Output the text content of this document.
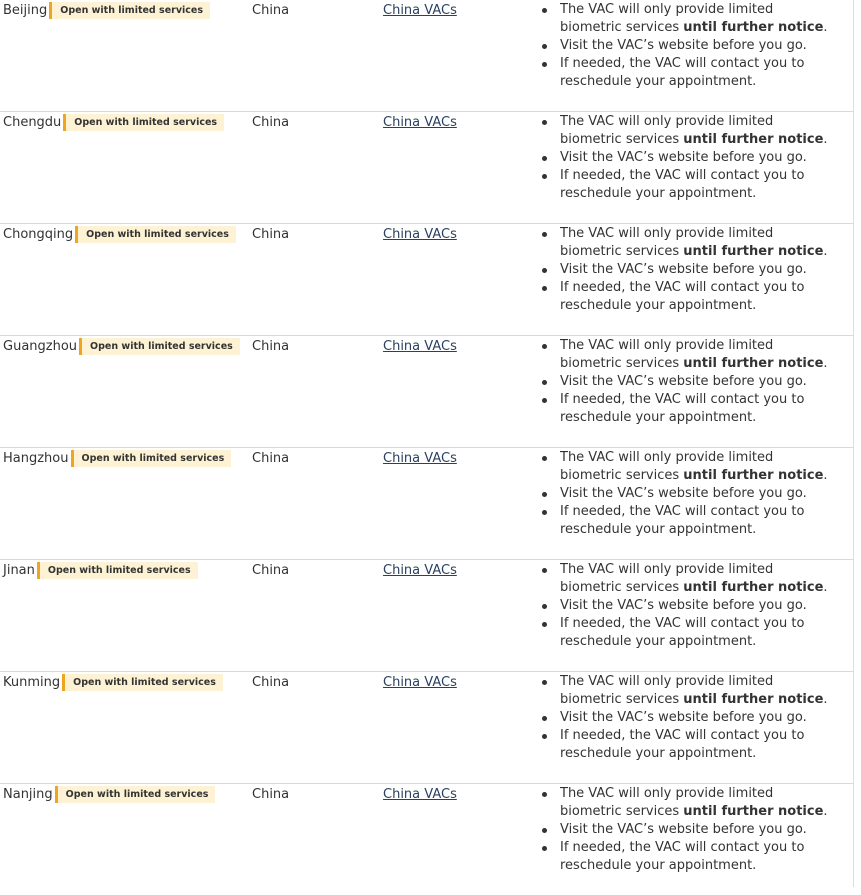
Beijing	Open with limited services	China	China VACs	The VAC will only provide limited biometric services until further notice.
Visit the VAC’s website before you go.
If needed, the VAC will contact you to reschedule your appointment.
Chengdu	Open with limited services	China	China VACs	The VAC will only provide limited biometric services until further notice.
Visit the VAC’s website before you go.
If needed, the VAC will contact you to reschedule your appointment.
Chongqing	Open with limited services	China	China VACs	The VAC will only provide limited biometric services until further notice.
Visit the VAC’s website before you go.
If needed, the VAC will contact you to reschedule your appointment.
Guangzhou	Open with limited services	China	China VACs	The VAC will only provide limited biometric services until further notice.
Visit the VAC’s website before you go.
If needed, the VAC will contact you to reschedule your appointment.
Hangzhou	Open with limited services	China	China VACs	The VAC will only provide limited biometric services until further notice.
Visit the VAC’s website before you go.
If needed, the VAC will contact you to reschedule your appointment.
Jinan	Open with limited services	China	China VACs	The VAC will only provide limited biometric services until further notice.
Visit the VAC’s website before you go.
If needed, the VAC will contact you to reschedule your appointment.
Kunming	Open with limited services	China	China VACs	The VAC will only provide limited biometric services until further notice.
Visit the VAC’s website before you go.
If needed, the VAC will contact you to reschedule your appointment.
Nanjing	Open with limited services	China	China VACs	The VAC will only provide limited biometric services until further notice.
Visit the VAC’s website before you go.
If needed, the VAC will contact you to reschedule your appointment.
